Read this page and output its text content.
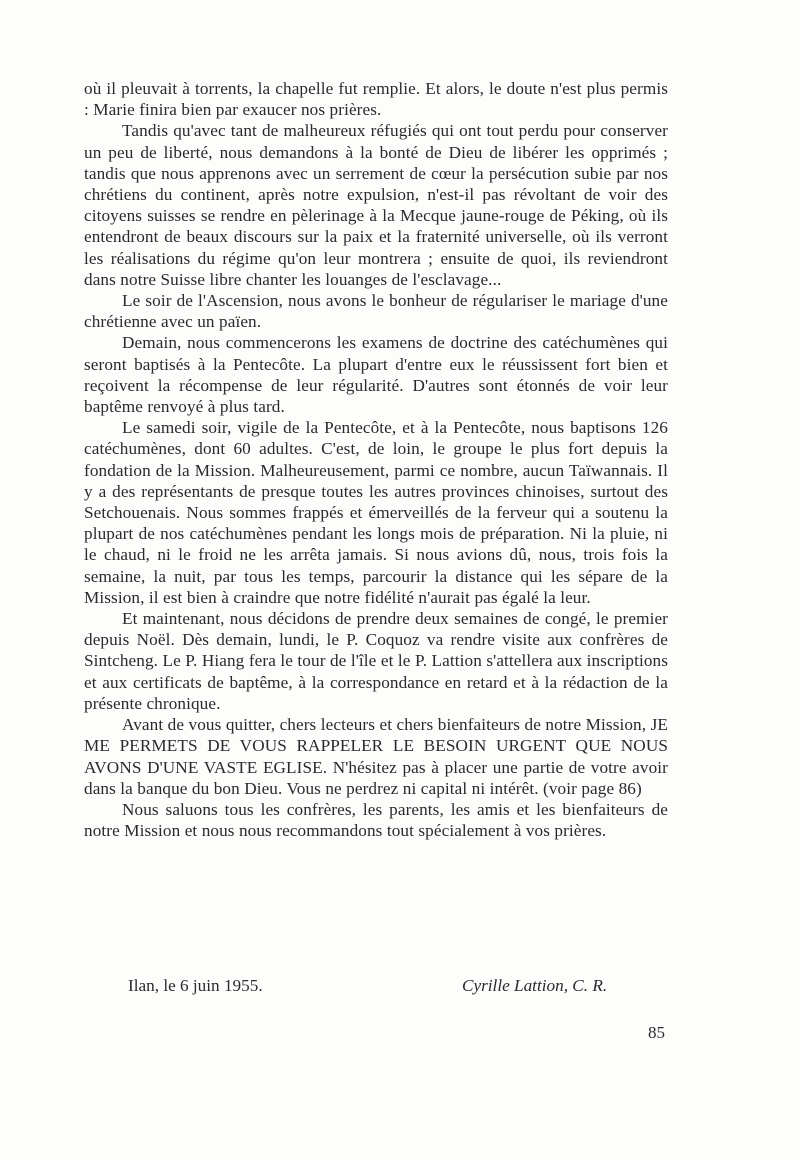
où il pleuvait à torrents, la chapelle fut remplie. Et alors, le doute n'est plus permis : Marie finira bien par exaucer nos prières.

Tandis qu'avec tant de malheureux réfugiés qui ont tout perdu pour conserver un peu de liberté, nous demandons à la bonté de Dieu de libérer les opprimés ; tandis que nous apprenons avec un serrement de cœur la persécution subie par nos chrétiens du continent, après notre expulsion, n'est-il pas révoltant de voir des citoyens suisses se rendre en pèlerinage à la Mecque jaune-rouge de Péking, où ils entendront de beaux discours sur la paix et la fraternité universelle, où ils verront les réalisations du régime qu'on leur montrera ; ensuite de quoi, ils reviendront dans notre Suisse libre chanter les louanges de l'esclavage...

Le soir de l'Ascension, nous avons le bonheur de régulariser le mariage d'une chrétienne avec un païen.

Demain, nous commencerons les examens de doctrine des catéchumènes qui seront baptisés à la Pentecôte. La plupart d'entre eux le réussissent fort bien et reçoivent la récompense de leur régularité. D'autres sont étonnés de voir leur baptême renvoyé à plus tard.

Le samedi soir, vigile de la Pentecôte, et à la Pentecôte, nous baptisons 126 catéchumènes, dont 60 adultes. C'est, de loin, le groupe le plus fort depuis la fondation de la Mission. Malheureusement, parmi ce nombre, aucun Taïwannais. Il y a des représentants de presque toutes les autres provinces chinoises, surtout des Setchouenais. Nous sommes frappés et émerveillés de la ferveur qui a soutenu la plupart de nos catéchumènes pendant les longs mois de préparation. Ni la pluie, ni le chaud, ni le froid ne les arrêta jamais. Si nous avions dû, nous, trois fois la semaine, la nuit, par tous les temps, parcourir la distance qui les sépare de la Mission, il est bien à craindre que notre fidélité n'aurait pas égalé la leur.

Et maintenant, nous décidons de prendre deux semaines de congé, le premier depuis Noël. Dès demain, lundi, le P. Coquoz va rendre visite aux confrères de Sintcheng. Le P. Hiang fera le tour de l'île et le P. Lattion s'attellera aux inscriptions et aux certificats de baptême, à la correspondance en retard et à la rédaction de la présente chronique.

Avant de vous quitter, chers lecteurs et chers bienfaiteurs de notre Mission, JE ME PERMETS DE VOUS RAPPELER LE BESOIN URGENT QUE NOUS AVONS D'UNE VASTE EGLISE. N'hésitez pas à placer une partie de votre avoir dans la banque du bon Dieu. Vous ne perdrez ni capital ni intérêt. (voir page 86)

Nous saluons tous les confrères, les parents, les amis et les bienfaiteurs de notre Mission et nous nous recommandons tout spécialement à vos prières.

Ilan, le 6 juin 1955.	Cyrille Lattion, C. R.
85
